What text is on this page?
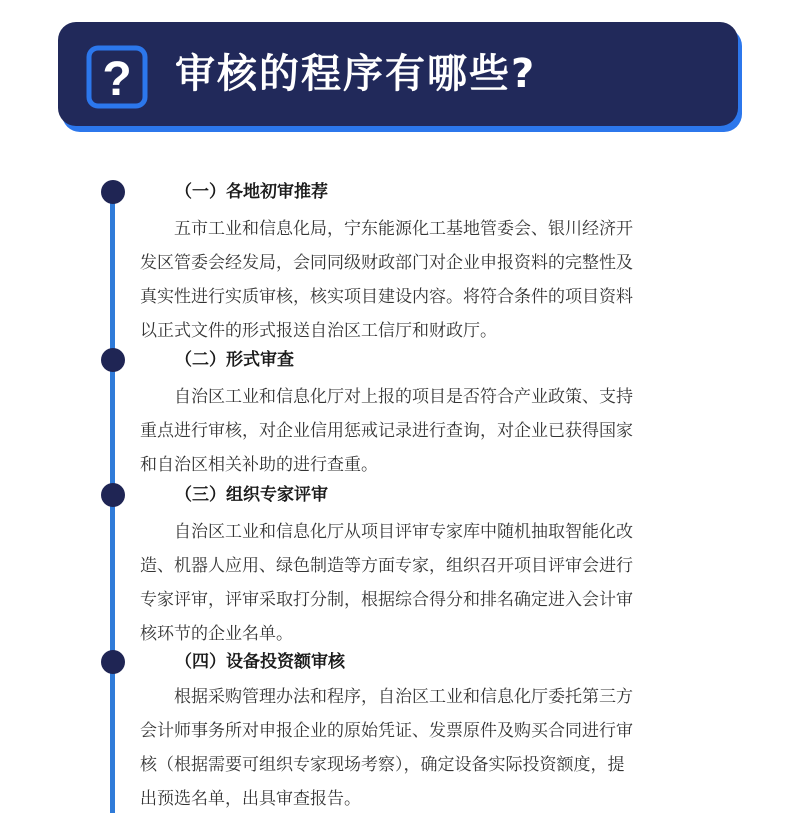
? 审核的程序有哪些?
（一）各地初审推荐
五市工业和信息化局，宁东能源化工基地管委会、银川经济开
发区管委会经发局，会同同级财政部门对企业申报资料的完整性及
真实性进行实质审核，核实项目建设内容。将符合条件的项目资料
以正式文件的形式报送自治区工信厅和财政厅。
（二）形式审查
自治区工业和信息化厅对上报的项目是否符合产业政策、支持
重点进行审核，对企业信用惩戒记录进行查询，对企业已获得国家
和自治区相关补助的进行查重。
（三）组织专家评审
自治区工业和信息化厅从项目评审专家库中随机抽取智能化改
造、机器人应用、绿色制造等方面专家，组织召开项目评审会进行
专家评审，评审采取打分制，根据综合得分和排名确定进入会计审
核环节的企业名单。
（四）设备投资额审核
根据采购管理办法和程序，自治区工业和信息化厅委托第三方
会计师事务所对申报企业的原始凭证、发票原件及购买合同进行审
核（根据需要可组织专家现场考察），确定设备实际投资额度，提
出预选名单，出具审查报告。
